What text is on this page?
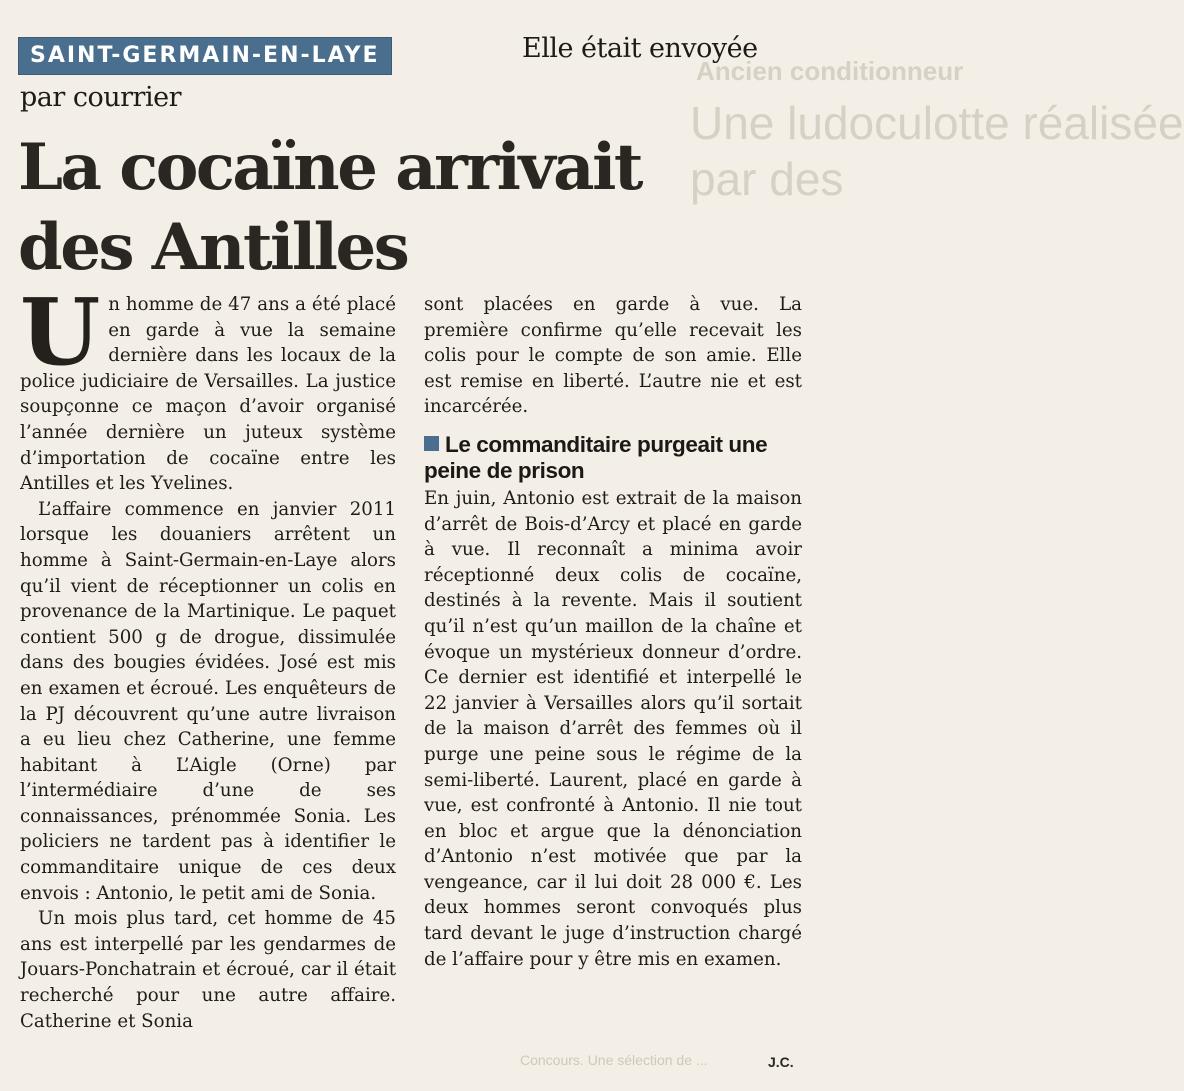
Ancien conditionneur
Une ludoculotte réalisée
par des
SAINT-GERMAIN-EN-LAYE	Elle était envoyée
par courrier
La cocaïne arrivait
des Antilles

Un homme de 47 ans a été placé en garde à vue la semaine dernière dans les locaux de la police judiciaire de Versailles. La justice soupçonne ce maçon d’avoir organisé l’année dernière un juteux système d’importation de cocaïne entre les Antilles et les Yvelines.

L’affaire commence en janvier 2011 lorsque les douaniers arrêtent un homme à Saint-Germain-en-Laye alors qu’il vient de réceptionner un colis en provenance de la Martinique. Le paquet contient 500 g de drogue, dissimulée dans des bougies évidées. José est mis en examen et écroué. Les enquêteurs de la PJ découvrent qu’une autre livraison a eu lieu chez Catherine, une femme habitant à L’Aigle (Orne) par l’intermédiaire d’une de ses connaissances, prénommée Sonia. Les policiers ne tardent pas à identifier le commanditaire unique de ces deux envois : Antonio, le petit ami de Sonia.

Un mois plus tard, cet homme de 45 ans est interpellé par les gendarmes de Jouars-Ponchatrain et écroué, car il était recherché pour une autre affaire. Catherine et Sonia

sont placées en garde à vue. La première confirme qu’elle recevait les colis pour le compte de son amie. Elle est remise en liberté. L’autre nie et est incarcérée.

Le commanditaire purgeait une peine de prison

En juin, Antonio est extrait de la maison d’arrêt de Bois-d’Arcy et placé en garde à vue. Il reconnaît a minima avoir réceptionné deux colis de cocaïne, destinés à la revente. Mais il soutient qu’il n’est qu’un maillon de la chaîne et évoque un mystérieux donneur d’ordre. Ce dernier est identifié et interpellé le 22 janvier à Versailles alors qu’il sortait de la maison d’arrêt des femmes où il purge une peine sous le régime de la semi-liberté. Laurent, placé en garde à vue, est confronté à Antonio. Il nie tout en bloc et argue que la dénonciation d’Antonio n’est motivée que par la vengeance, car il lui doit 28 000 €. Les deux hommes seront convoqués plus tard devant le juge d’instruction chargé de l’affaire pour y être mis en examen.

Concours. Une sélection de ...	J.C.
